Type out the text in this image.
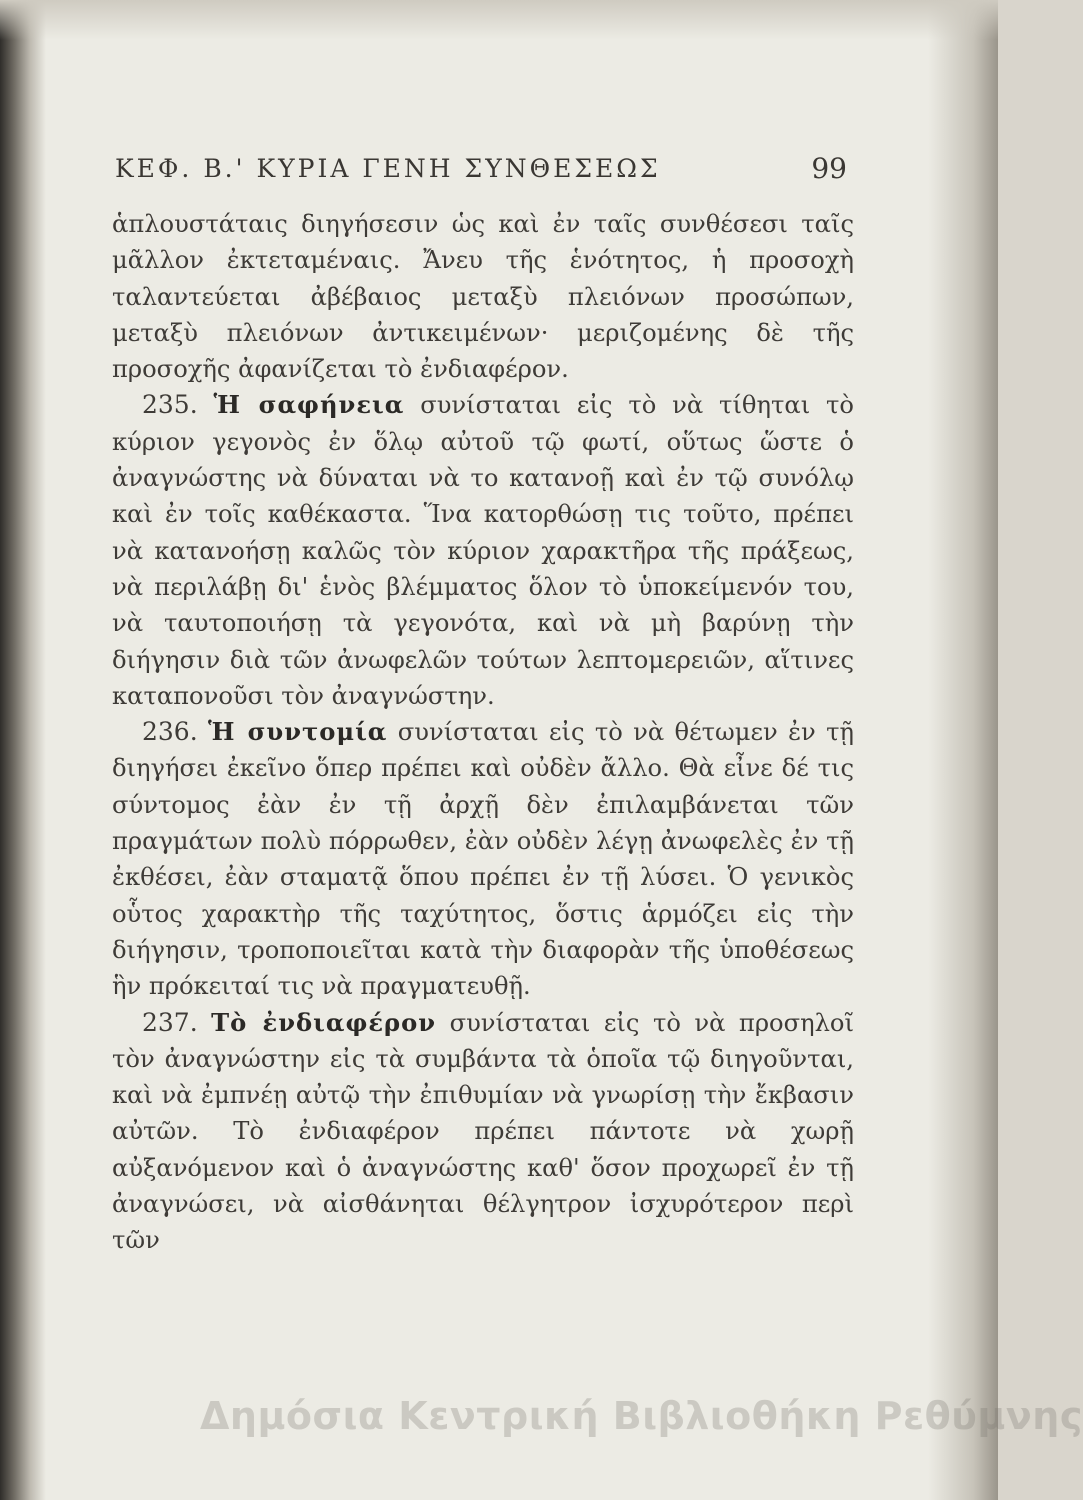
ΚΕΦ. Β.' ΚΥΡΙΑ ΓΕΝΗ ΣΥΝΘΕΣΕΩΣ	99

ἁπλουστάταις διηγήσεσιν ὡς καὶ ἐν ταῖς συνθέσεσι ταῖς μᾶλλον ἐκτεταμέναις. Ἄνευ τῆς ἑνότητος, ἡ προσοχὴ ταλαντεύεται ἀβέβαιος μεταξὺ πλειόνων προσώπων, μεταξὺ πλειόνων ἀντικειμένων· μεριζομένης δὲ τῆς προσοχῆς ἀφανίζεται τὸ ἐνδιαφέρον.

235. Ἡ σαφήνεια συνίσταται εἰς τὸ νὰ τίθηται τὸ κύριον γεγονὸς ἐν ὅλῳ αὐτοῦ τῷ φωτί, οὕτως ὥστε ὁ ἀναγνώστης νὰ δύναται νὰ το κατανοῇ καὶ ἐν τῷ συνόλῳ καὶ ἐν τοῖς καθέκαστα. Ἵνα κατορθώσῃ τις τοῦτο, πρέπει νὰ κατανοήσῃ καλῶς τὸν κύριον χαρακτῆρα τῆς πράξεως, νὰ περιλάβῃ δι' ἑνὸς βλέμματος ὅλον τὸ ὑποκείμενόν του, νὰ ταυτοποιήσῃ τὰ γεγονότα, καὶ νὰ μὴ βαρύνῃ τὴν διήγησιν διὰ τῶν ἀνωφελῶν τούτων λεπτομερειῶν, αἵτινες καταπονοῦσι τὸν ἀναγνώστην.

236. Ἡ συντομία συνίσταται εἰς τὸ νὰ θέτωμεν ἐν τῇ διηγήσει ἐκεῖνο ὅπερ πρέπει καὶ οὐδὲν ἄλλο. Θὰ εἶνε δέ τις σύντομος ἐὰν ἐν τῇ ἀρχῇ δὲν ἐπιλαμβάνεται τῶν πραγμάτων πολὺ πόρρωθεν, ἐὰν οὐδὲν λέγῃ ἀνωφελὲς ἐν τῇ ἐκθέσει, ἐὰν σταματᾷ ὅπου πρέπει ἐν τῇ λύσει. Ὁ γενικὸς οὗτος χαρακτὴρ τῆς ταχύτητος, ὅστις ἁρμόζει εἰς τὴν διήγησιν, τροποποιεῖται κατὰ τὴν διαφορὰν τῆς ὑποθέσεως ἣν πρόκειταί τις νὰ πραγματευθῇ.

237. Τὸ ἐνδιαφέρον συνίσταται εἰς τὸ νὰ προσηλοῖ τὸν ἀναγνώστην εἰς τὰ συμβάντα τὰ ὁποῖα τῷ διηγοῦνται, καὶ νὰ ἐμπνέῃ αὐτῷ τὴν ἐπιθυμίαν νὰ γνωρίσῃ τὴν ἔκβασιν αὐτῶν. Τὸ ἐνδιαφέρον πρέπει πάντοτε νὰ χωρῇ αὐξανόμενον καὶ ὁ ἀναγνώστης καθ' ὅσον προχωρεῖ ἐν τῇ ἀναγνώσει, νὰ αἰσθάνηται θέλγητρον ἰσχυρότερον περὶ τῶν

Δημόσια Κεντρική Βιβλιοθήκη Ρεθύμνης
